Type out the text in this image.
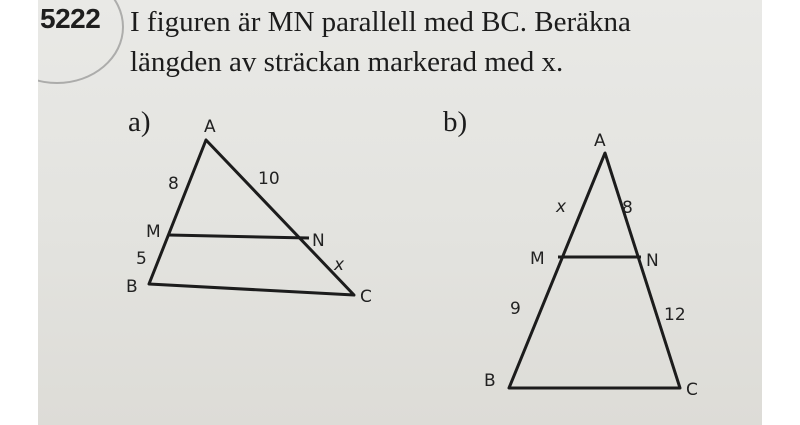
5222 I figuren är MN parallell med BC. Beräkna
längden av sträckan markerad med x.
a)	b)
A
M	N
B	C
8	10
5	x
A
M	N
B	C
x	8
9	12
